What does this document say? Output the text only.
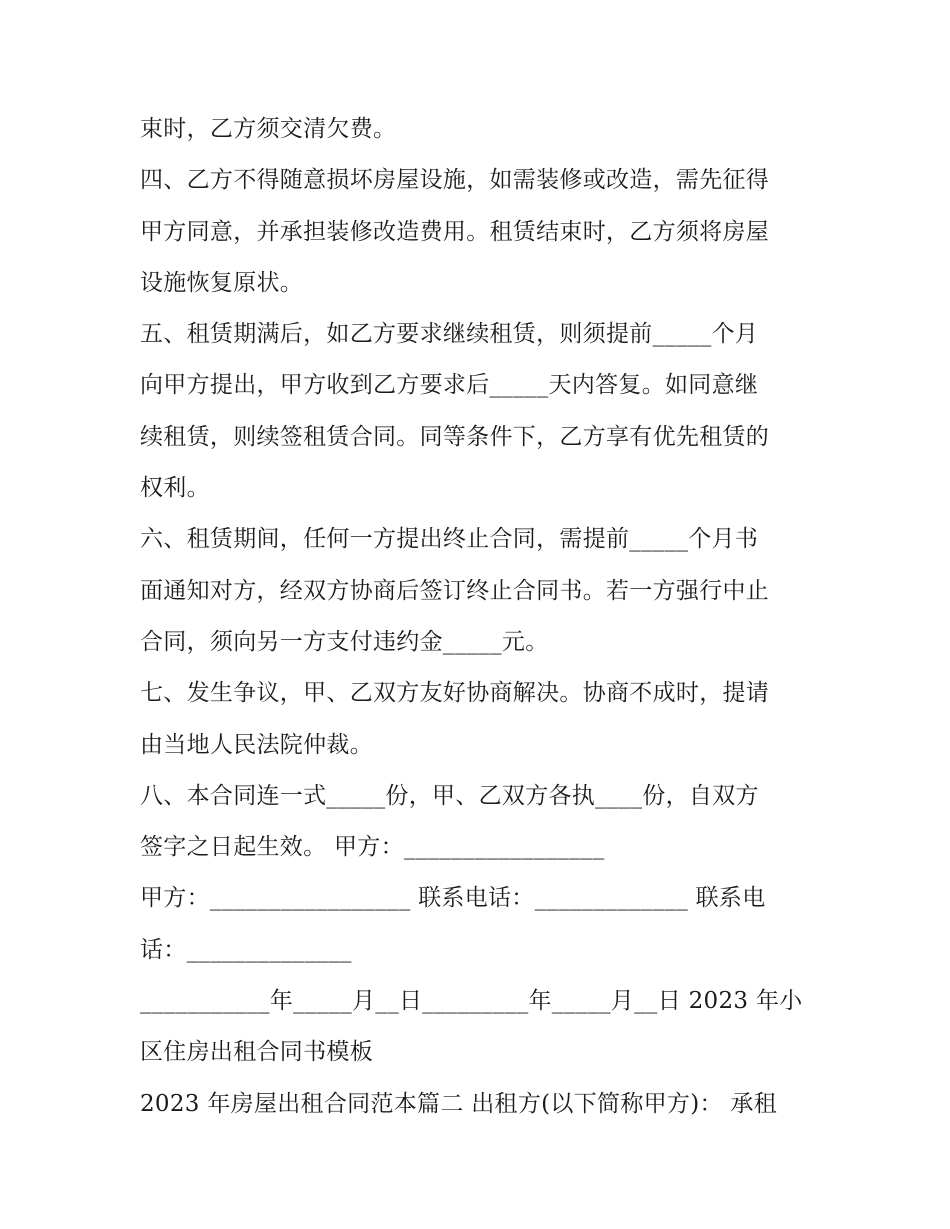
束时，乙方须交清欠费。
四、乙方不得随意损坏房屋设施，如需装修或改造，需先征得
甲方同意，并承担装修改造费用。租赁结束时，乙方须将房屋
设施恢复原状。
五、租赁期满后，如乙方要求继续租赁，则须提前_____个月
向甲方提出，甲方收到乙方要求后_____天内答复。如同意继
续租赁，则续签租赁合同。同等条件下，乙方享有优先租赁的
权利。
六、租赁期间，任何一方提出终止合同，需提前_____个月书
面通知对方，经双方协商后签订终止合同书。若一方强行中止
合同，须向另一方支付违约金_____元。
七、发生争议，甲、乙双方友好协商解决。协商不成时，提请
由当地人民法院仲裁。
八、本合同连一式_____份，甲、乙双方各执____份，自双方
签字之日起生效。 甲方：_________________
甲方：_________________ 联系电话：_____________ 联系电
话：______________
___________年_____月__日_________年_____月__日 2023 年小
区住房出租合同书模板
2023 年房屋出租合同范本篇二 出租方(以下简称甲方)： 承租
